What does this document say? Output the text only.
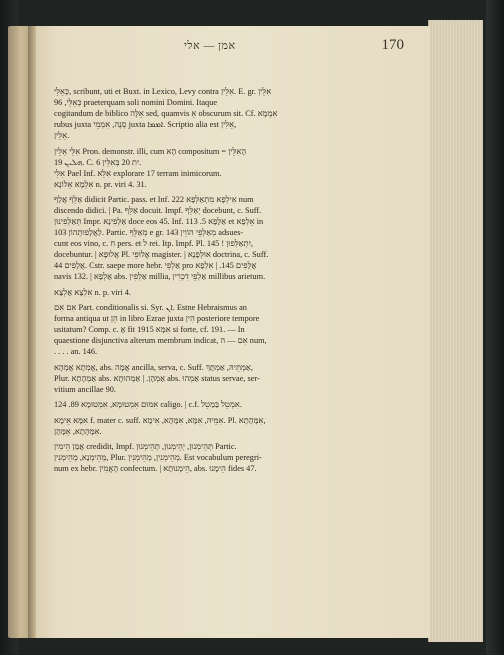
אמן — אלי	170
כְּאֵלֵּי, scribunt, uti et Buxt. in Lexico, Levy contra אִלֵּין. E. gr. אִלֵּין
כְּאֵלֵּי, 96 praeterquam soli nomini Domini. Itaque
cogitandum de biblico אֵלֶּה sed, quamvis אֵ obscurum sit. Cf. אִמְמָא
rubus juxta סְנֶה, אִמְמֵי juxta ܐܡܡܐ. Scriptio alia est אֵלִּין,
אֵלֵּין.
אִלֵּי אֵלֵּין Pron. demonstr. illi, cum הָא compositum = הָאִלֵּין
ܗܠܝܢ 19. C. ית 20 בְּאִלֵּין 6.
אִלֵּי Pael Inf. אִלֵּא explorare 17 terram inimicorum.
אִלְמָא אֵלוֹנָא n. pr. viri 4. 31.
אַלֵּף אֲלַף didicit Partic. pass. et Inf. אִילְפָא מִתְאַלְּפָא 222 num
discendo didici. | Pa. אַלֵּף docuit. Impf. יְאַלֵּף docebunt, c. Suff.
תְּאַלְּפִינוּן Impr. אַלְּפִינָא doce eos 45. Inf. אַלָּפָא 5. 113 et אֵלְפָא in
לַאֲלָפוּתְהוֹן 103. Partic. מְאַלֵּף e gr. מְאַלְּפֵי הוֹוֵין 143 adsues-
cunt eos vino, c. ח pers. et ל rei. Itp. Impf. Pl. יִתְאַלְּפוּן ! 145,
docebuntur. | אֲלוּפָא Pl. אֲלוּפֵי magister. | אוּלְפָנָא doctrina, c. Suff.
אֲלָפִים 44. Cstr. saepe more hebr. אַלְפֵי pro אֲלָפִים 145. | אִלְפָא
navis 132. | אַלְפָא abs. אַלְפִין millia, אַלְפֵי דִכְרִין millibus arietum.
אִלְצָא אַלְצָא n. p. viri 4.
אִם אִם Part. conditionalis si. Syr. ܐܢ. Estne Hebraismus an
forma antiqua ut הֵן in libro Ezrae juxta הִין posteriore tempore
usitatum? Comp. c. אָ fit אִמָּא 1915 si forte, cf. 191. — In
quaestione disjunctiva alterum membrum indicat, אִם — ה num,
. . . . an. 146.
אֲמְתָא אֲמְהָא, abs. אֲמָה ancilla, serva, c. Suff. אַמְתֵּיהּ, אַמְתָּךְ,
Plur. אַמְהָתָא abs. אַמְהָן. | אַמְהוּתָא abs. אַמְהוּ status servae, ser-
vitium ancillae 90.
אִמּוּם אִמְטוּמָא, אִמְטוּמָא 89. 124 caligo. | c.f. אִמְטֵל בַּמַטֵל.
אִמָּא אֵימָא f. mater c. suff. אִמֵּיהּ, אִמָּא, אִמָּהָא, אִימָא. Pl. אִמָּהָתָא,
אִמָּהָתָא, אֵמָּהָן.
אֲמַן הֵימִין credidit, Impf. תְּהֵימְנוּן, יְהֵימְנוּן, תְּהֵימְנוּן Partic.
מְהֵימְנָא, מְהֵימְנִין, Plur. מְהֵימְנִין, מְהֵימְנִין. Est vocabulum peregri-
num ex hebr. הֶאֱמִין confectum. | הֵימָנוּתָא, abs. הֵימָנוּ fides 47.
